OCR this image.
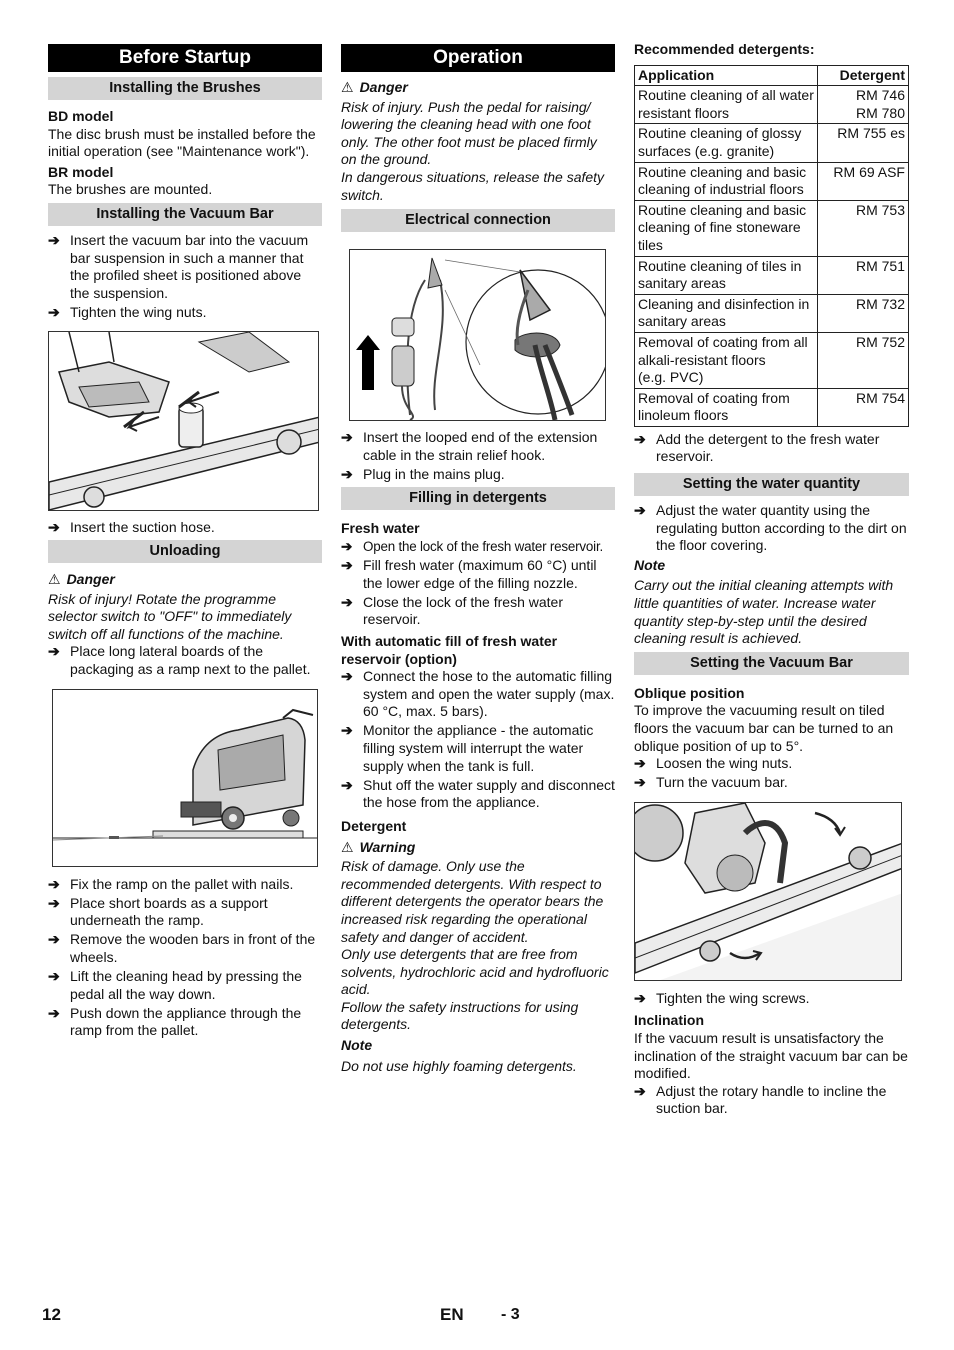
Before Startup
Installing the Brushes
BD model

The disc brush must be installed before the initial operation (see "Maintenance work").

BR model

The brushes are mounted.

Installing the Vacuum Bar
➔ Insert the vacuum bar into the vacuum bar suspension in such a manner that the profiled sheet is positioned above the suspension.
➔ Tighten the wing nuts.
➔ Insert the suction hose.
Unloading
⚠ Danger

Risk of injury! Rotate the programme selector switch to "OFF" to immediately switch off all functions of the machine.

➔ Place long lateral boards of the packaging as a ramp next to the pallet.
➔ Fix the ramp on the pallet with nails.
➔ Place short boards as a support underneath the ramp.
➔ Remove the wooden bars in front of the wheels.
➔ Lift the cleaning head by pressing the pedal all the way down.
➔ Push down the appliance through the ramp from the pallet.
Operation
⚠ Danger

Risk of injury. Push the pedal for raising/ lowering the cleaning head with one foot only. The other foot must be placed firmly on the ground.

In dangerous situations, release the safety switch.

Electrical connection
➔ Insert the looped end of the extension cable in the strain relief hook.
➔ Plug in the mains plug.
Filling in detergents
Fresh water
➔ Open the lock of the fresh water reservoir.
➔ Fill fresh water (maximum 60 °C) until the lower edge of the filling nozzle.
➔ Close the lock of the fresh water reservoir.
With automatic fill of fresh water reservoir (option)
➔ Connect the hose to the automatic filling system and open the water supply (max. 60 °C, max. 5 bars).
➔ Monitor the appliance - the automatic filling system will interrupt the water supply when the tank is full.
➔ Shut off the water supply and disconnect the hose from the appliance.
Detergent
⚠ Warning

Risk of damage. Only use the recommended detergents. With respect to different detergents the operator bears the increased risk regarding the operational safety and danger of accident.

Only use detergents that are free from solvents, hydrochloric acid and hydrofluoric acid.

Follow the safety instructions for using detergents.

Note

Do not use highly foaming detergents.

Recommended detergents:
Application	Detergent
Routine cleaning of all water resistant floors	RM 746
RM 780
Routine cleaning of glossy surfaces (e.g. granite)	RM 755 es
Routine cleaning and basic cleaning of industrial floors	RM 69 ASF
Routine cleaning and basic cleaning of fine stoneware tiles	RM 753
Routine cleaning of tiles in sanitary areas	RM 751
Cleaning and disinfection in sanitary areas	RM 732
Removal of coating from all alkali-resistant floors
(e.g. PVC)	RM 752
Removal of coating from linoleum floors	RM 754
➔ Add the detergent to the fresh water reservoir.
Setting the water quantity
➔ Adjust the water quantity using the regulating button according to the dirt on the floor covering.
Note

Carry out the initial cleaning attempts with little quantities of water. Increase water quantity step-by-step until the desired cleaning result is achieved.

Setting the Vacuum Bar
Oblique position

To improve the vacuuming result on tiled floors the vacuum bar can be turned to an oblique position of up to 5°.

➔ Loosen the wing nuts.
➔ Turn the vacuum bar.
➔ Tighten the wing screws.
Inclination

If the vacuum result is unsatisfactory the inclination of the straight vacuum bar can be modified.

➔ Adjust the rotary handle to incline the suction bar.
12	EN - 3
